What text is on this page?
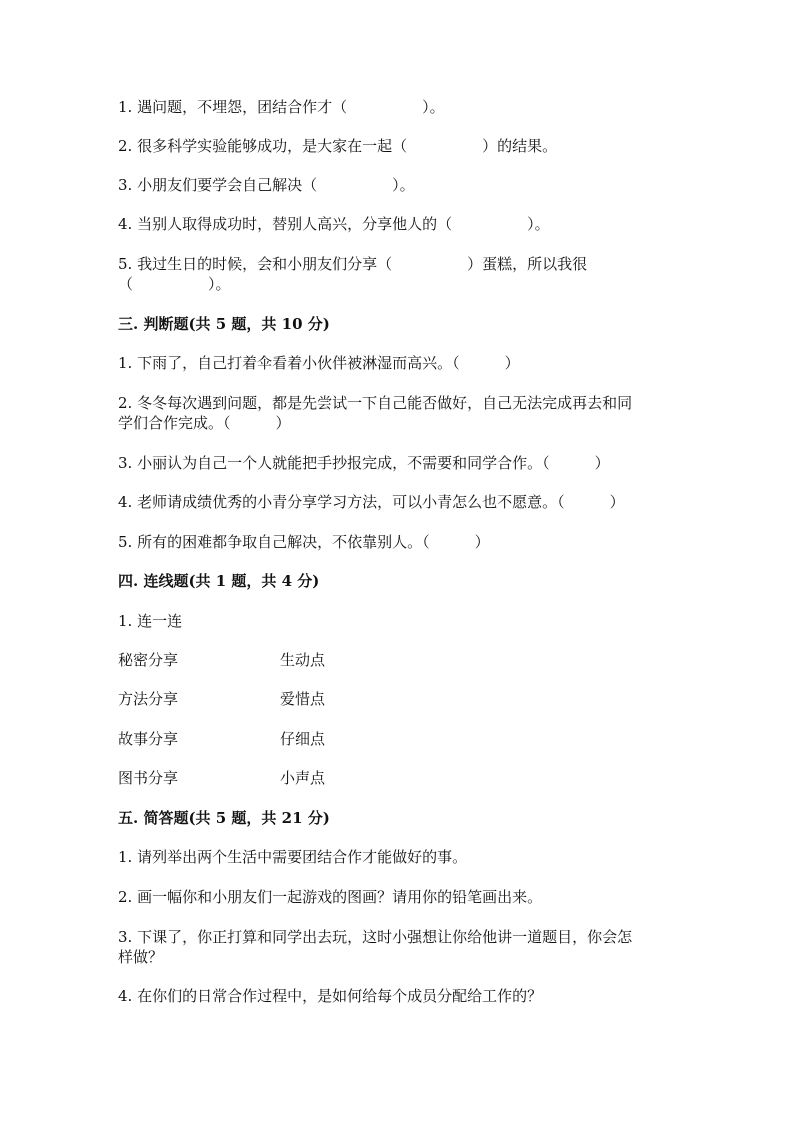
1. 遇问题，不埋怨，团结合作才（　　　　　）。
2. 很多科学实验能够成功，是大家在一起（　　　　　）的结果。
3. 小朋友们要学会自己解决（　　　　　）。
4. 当别人取得成功时，替别人高兴，分享他人的（　　　　　）。
5. 我过生日的时候，会和小朋友们分享（　　　　　）蛋糕，所以我很
（　　　　　）。
三. 判断题(共 5 题，共 10 分)
1. 下雨了，自己打着伞看着小伙伴被淋湿而高兴。（　　　）
2. 冬冬每次遇到问题，都是先尝试一下自己能否做好，自己无法完成再去和同
学们合作完成。（　　　）
3. 小丽认为自己一个人就能把手抄报完成，不需要和同学合作。（　　　）
4. 老师请成绩优秀的小青分享学习方法，可以小青怎么也不愿意。（　　　）
5. 所有的困难都争取自己解决，不依靠别人。（　　　）
四. 连线题(共 1 题，共 4 分)
1. 连一连
秘密分享	生动点
方法分享	爱惜点
故事分享	仔细点
图书分享	小声点
五. 简答题(共 5 题，共 21 分)
1. 请列举出两个生活中需要团结合作才能做好的事。
2. 画一幅你和小朋友们一起游戏的图画？请用你的铅笔画出来。
3. 下课了，你正打算和同学出去玩，这时小强想让你给他讲一道题目，你会怎
样做？
4. 在你们的日常合作过程中，是如何给每个成员分配给工作的？
